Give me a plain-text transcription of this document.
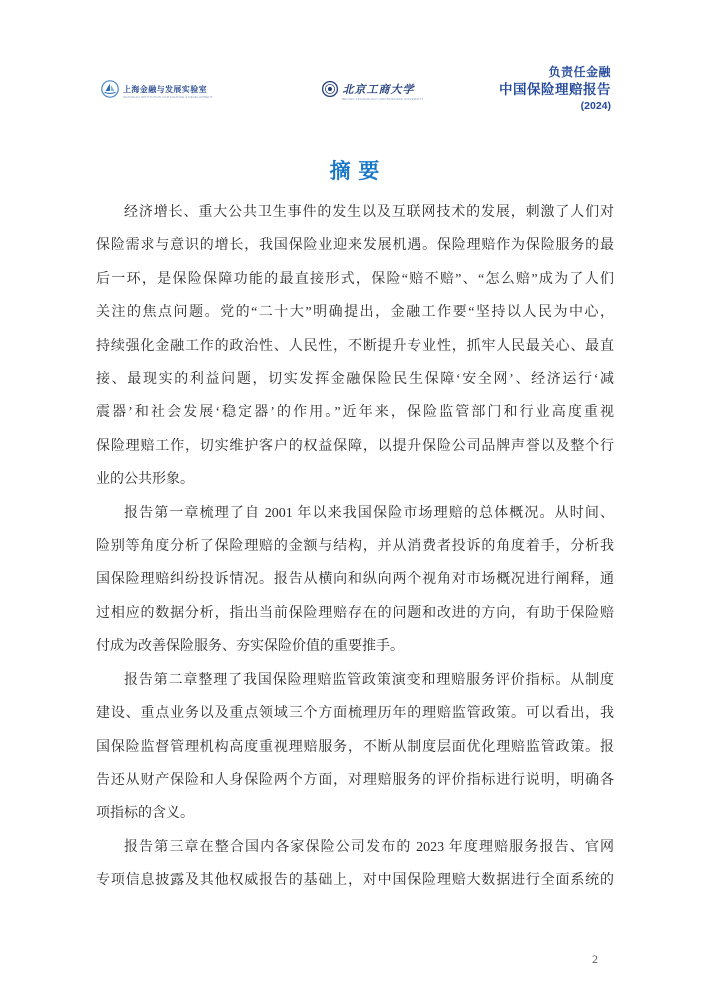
上海金融与发展实验室
SHANGHAI INSTITUTION FOR FINANCE & DEVELOPMENT
北京工商大学
BEIJING TECHNOLOGY AND BUSINESS UNIVERSITY
负责任金融
中国保险理赔报告
(2024)
摘 要
经济增长、重大公共卫生事件的发生以及互联网技术的发展，刺激了人们对
保险需求与意识的增长，我国保险业迎来发展机遇。保险理赔作为保险服务的最
后一环，是保险保障功能的最直接形式，保险“赔不赔”、“怎么赔”成为了人们
关注的焦点问题。党的“二十大”明确提出，金融工作要“坚持以人民为中心，
持续强化金融工作的政治性、人民性，不断提升专业性，抓牢人民最关心、最直
接、最现实的利益问题，切实发挥金融保险民生保障‘安全网’、经济运行‘减
震器’和社会发展‘稳定器’的作用。”近年来，保险监管部门和行业高度重视
保险理赔工作，切实维护客户的权益保障，以提升保险公司品牌声誉以及整个行
业的公共形象。
报告第一章梳理了自 2001 年以来我国保险市场理赔的总体概况。从时间、
险别等角度分析了保险理赔的金额与结构，并从消费者投诉的角度着手，分析我
国保险理赔纠纷投诉情况。报告从横向和纵向两个视角对市场概况进行阐释，通
过相应的数据分析，指出当前保险理赔存在的问题和改进的方向，有助于保险赔
付成为改善保险服务、夯实保险价值的重要推手。
报告第二章整理了我国保险理赔监管政策演变和理赔服务评价指标。从制度
建设、重点业务以及重点领域三个方面梳理历年的理赔监管政策。可以看出，我
国保险监督管理机构高度重视理赔服务，不断从制度层面优化理赔监管政策。报
告还从财产保险和人身保险两个方面，对理赔服务的评价指标进行说明，明确各
项指标的含义。
报告第三章在整合国内各家保险公司发布的 2023 年度理赔服务报告、官网
专项信息披露及其他权威报告的基础上，对中国保险理赔大数据进行全面系统的
2
